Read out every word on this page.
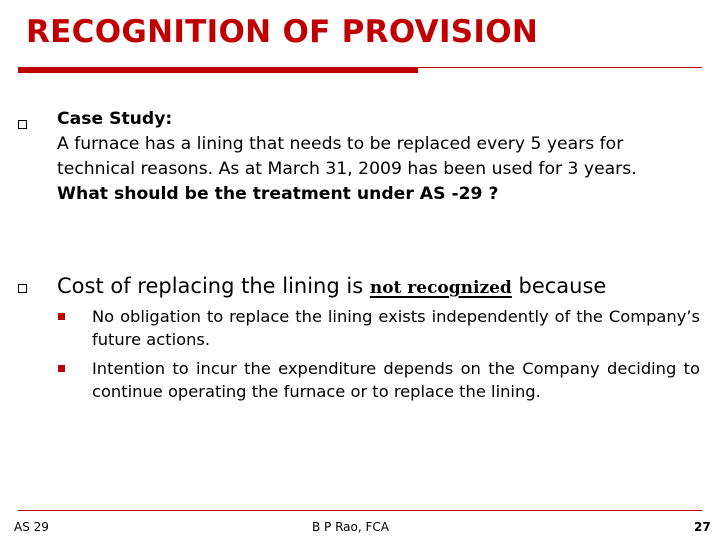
RECOGNITION OF PROVISION

Case Study:

A furnace has a lining that needs to be replaced every 5 years for technical reasons. As at March 31, 2009 has been used for 3 years.

What should be the treatment under AS -29 ?

Cost of replacing the lining is not recognized because
No obligation to replace the lining exists independently of the Company’s future actions.
Intention to incur the expenditure depends on the Company deciding to continue operating the furnace or to replace the lining.
AS 29	B P Rao, FCA	27
